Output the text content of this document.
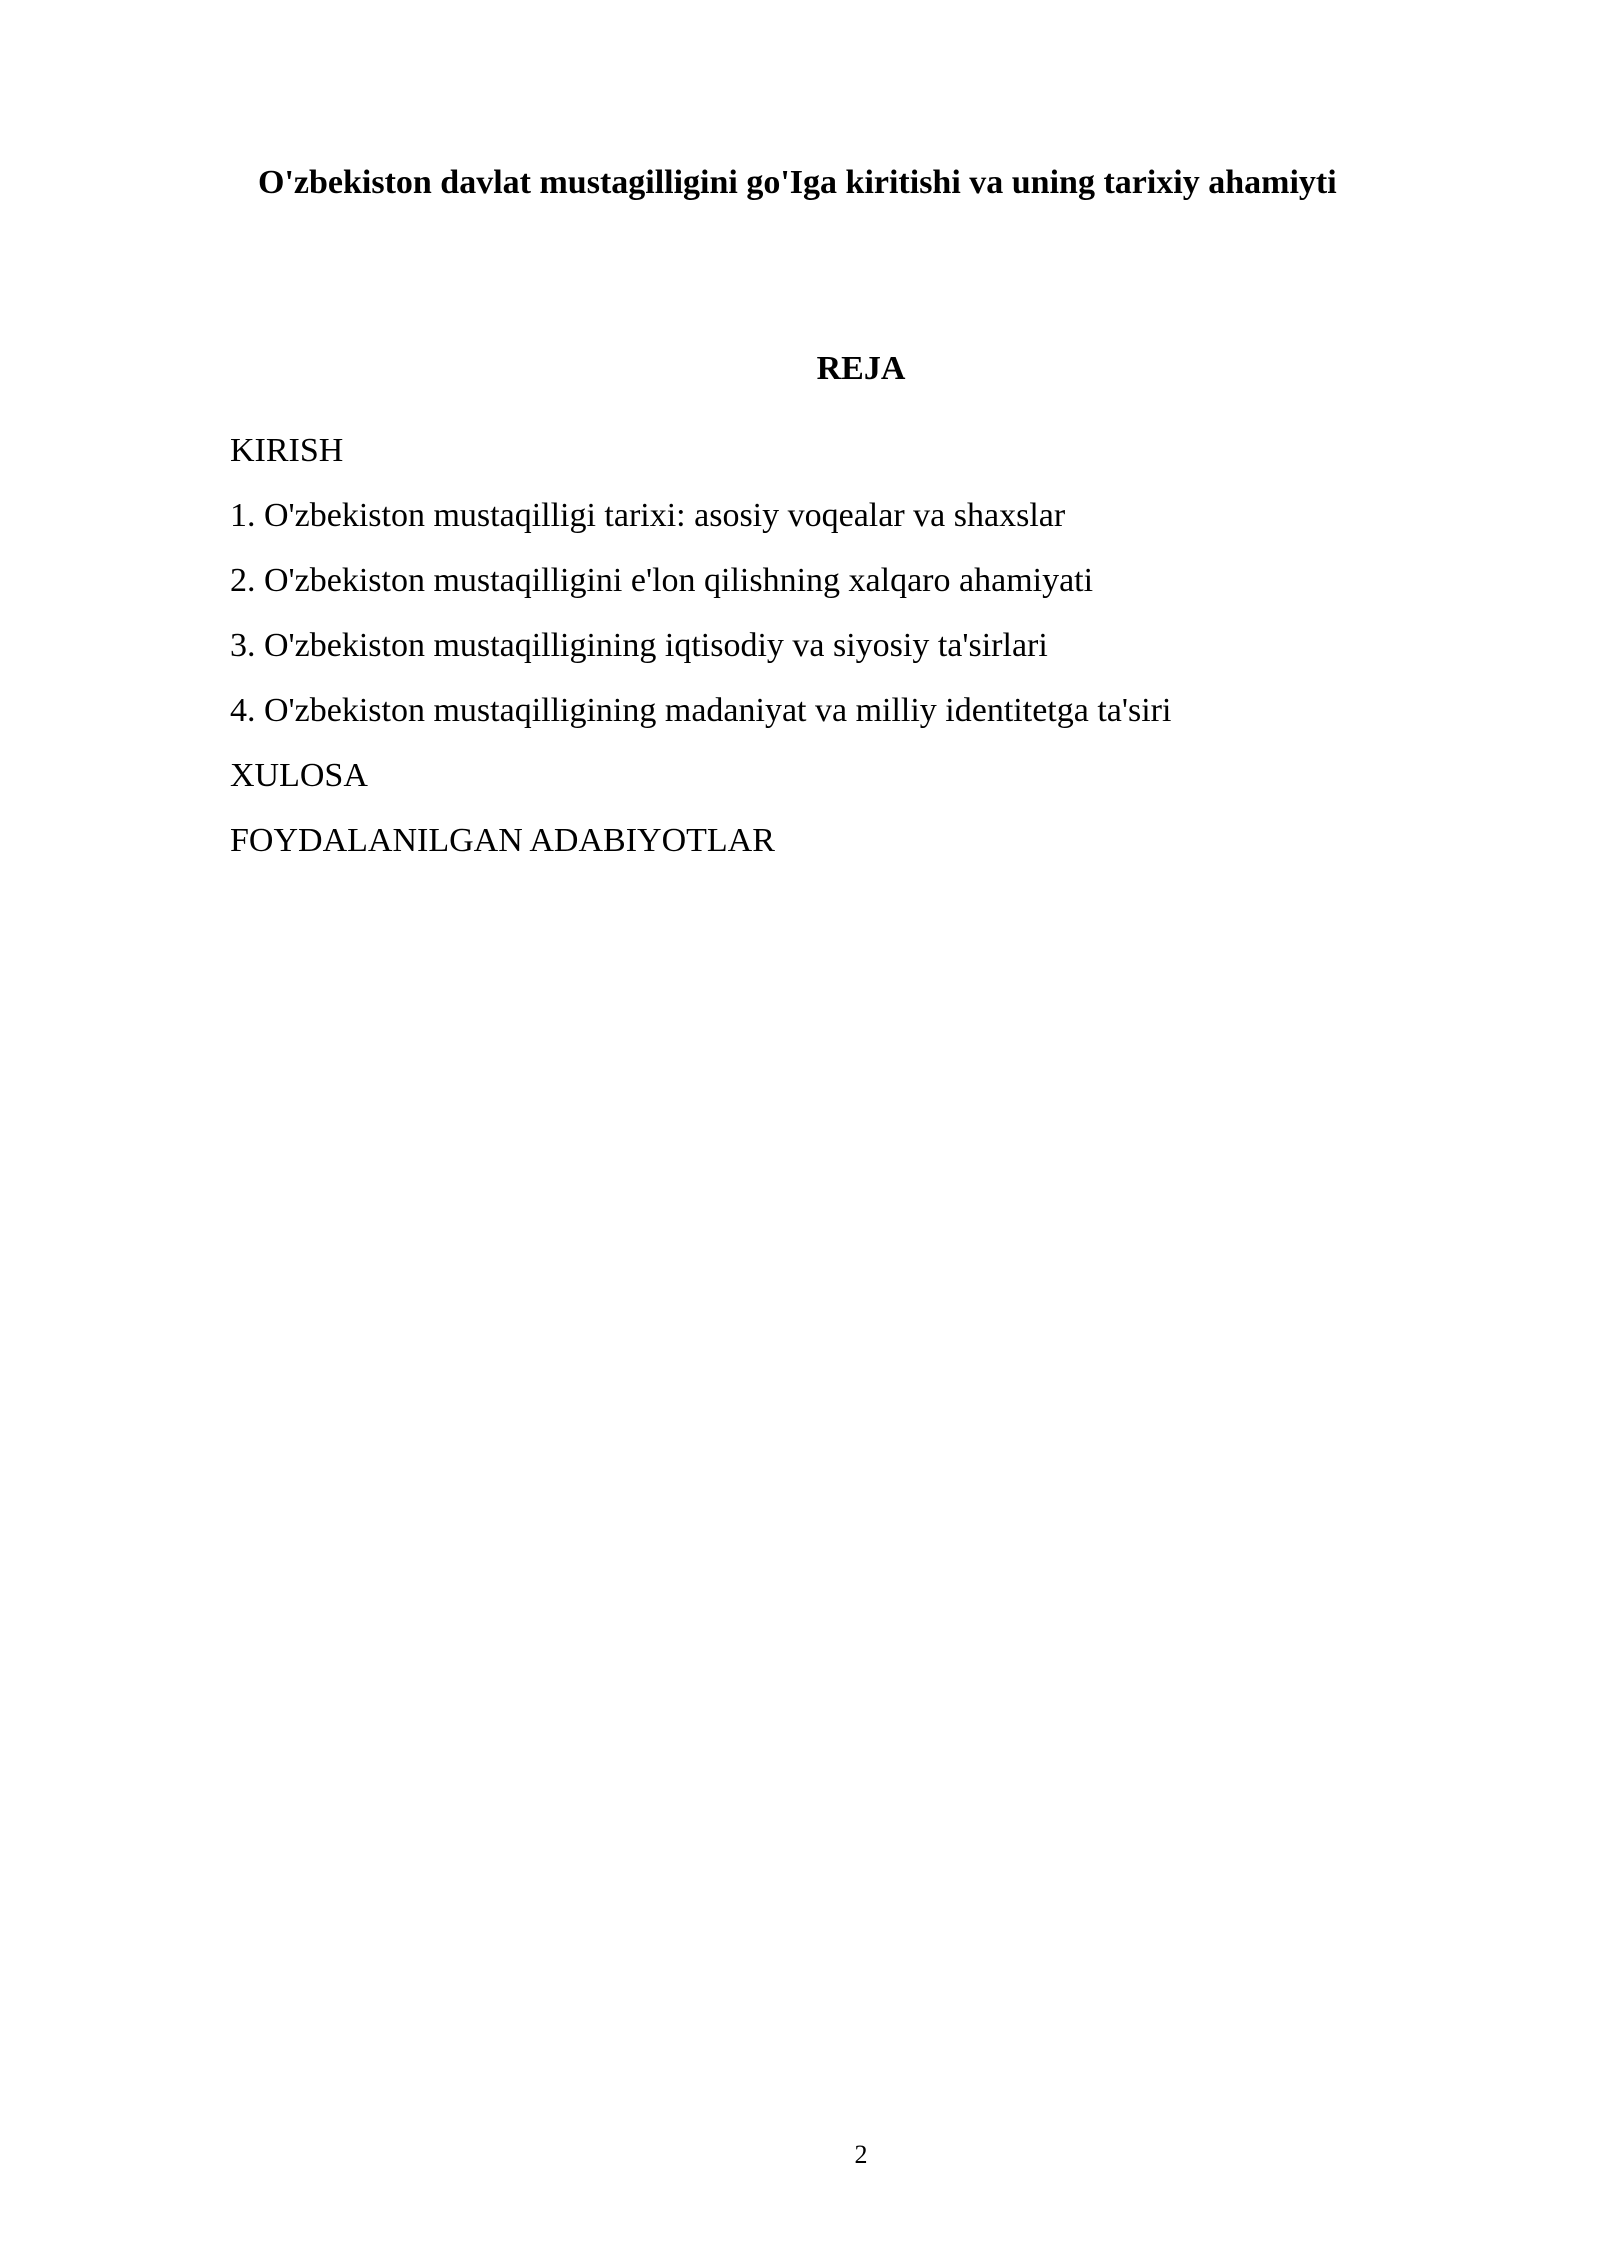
O'zbekiston davlat mustagilligini go'Iga kiritishi va uning tarixiy ahamiyti
REJA
KIRISH
1. O'zbekiston mustaqilligi tarixi: asosiy voqealar va shaxslar
2. O'zbekiston mustaqilligini e'lon qilishning xalqaro ahamiyati
3. O'zbekiston mustaqilligining iqtisodiy va siyosiy ta'sirlari
4. O'zbekiston mustaqilligining madaniyat va milliy identitetga ta'siri
XULOSA
FOYDALANILGAN ADABIYOTLAR
2
